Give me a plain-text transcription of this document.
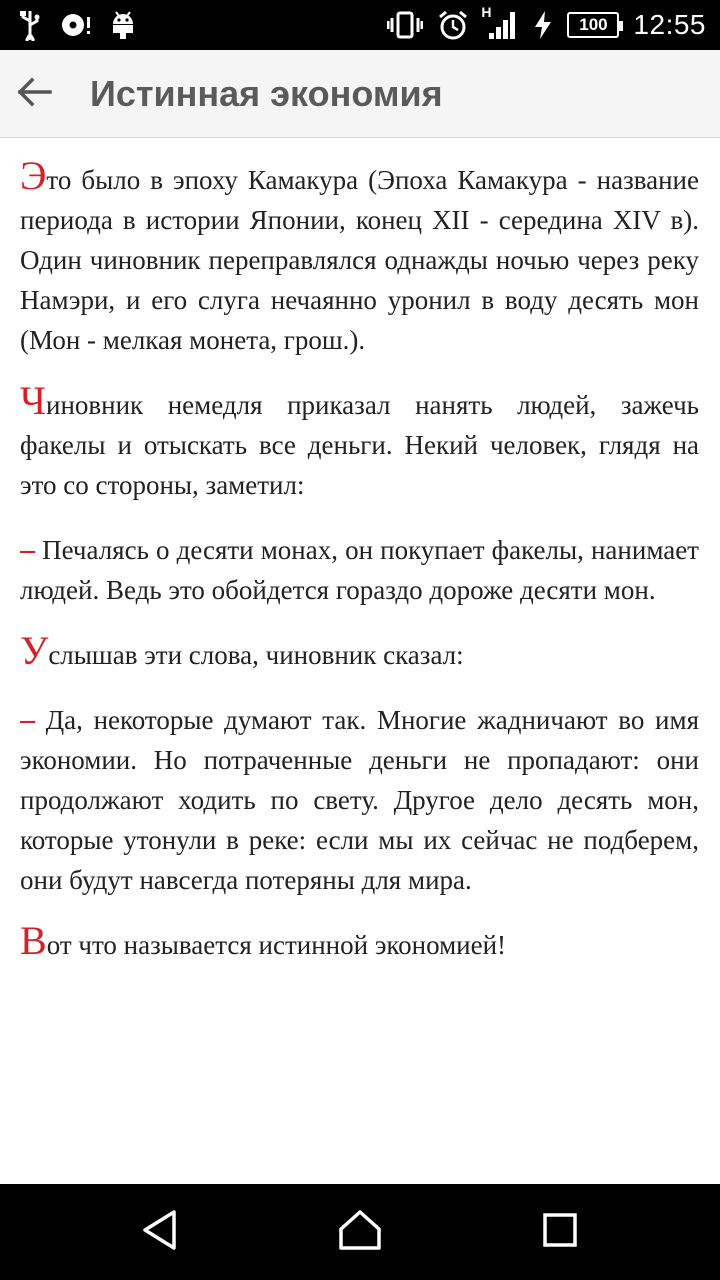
H
100 12:55
Истинная экономия

Это было в эпоху Камакура (Эпоха Камакура - название периода в истории Японии, конец XII - середина XIV в). Один чиновник переправлялся однажды ночью через реку Намэри, и его слуга нечаянно уронил в воду десять мон (Мон - мелкая монета, грош.).

Чиновник немедля приказал нанять людей, зажечь факелы и отыскать все деньги. Некий человек, глядя на это со стороны, заметил:

– Печалясь о десяти монах, он покупает факелы, нанимает людей. Ведь это обойдется гораздо дороже десяти мон.

Услышав эти слова, чиновник сказал:

– Да, некоторые думают так. Многие жадничают во имя экономии. Но потраченные деньги не пропадают: они продолжают ходить по свету. Другое дело десять мон, которые утонули в реке: если мы их сейчас не подберем, они будут навсегда потеряны для мира.

Вот что называется истинной экономией!
